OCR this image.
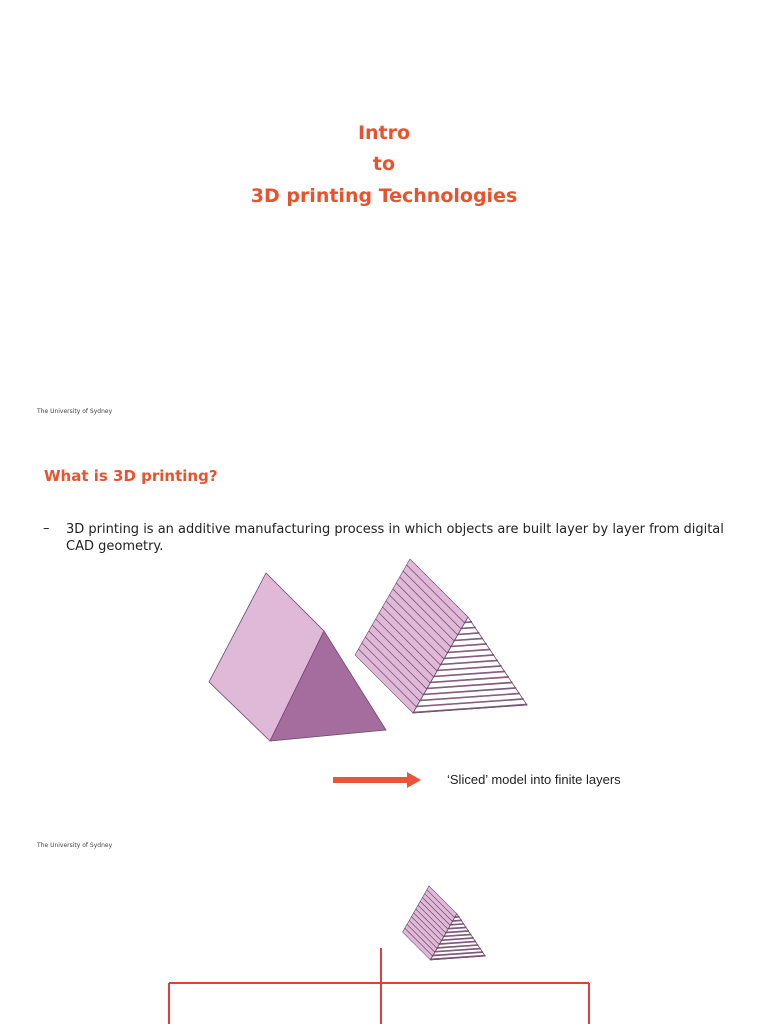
Intro
to
3D printing Technologies
The University of Sydney
What is 3D printing?
– 3D printing is an additive manufacturing process in which objects are built layer by layer from digital CAD geometry.
‘Sliced’ model into finite layers
The University of Sydney
